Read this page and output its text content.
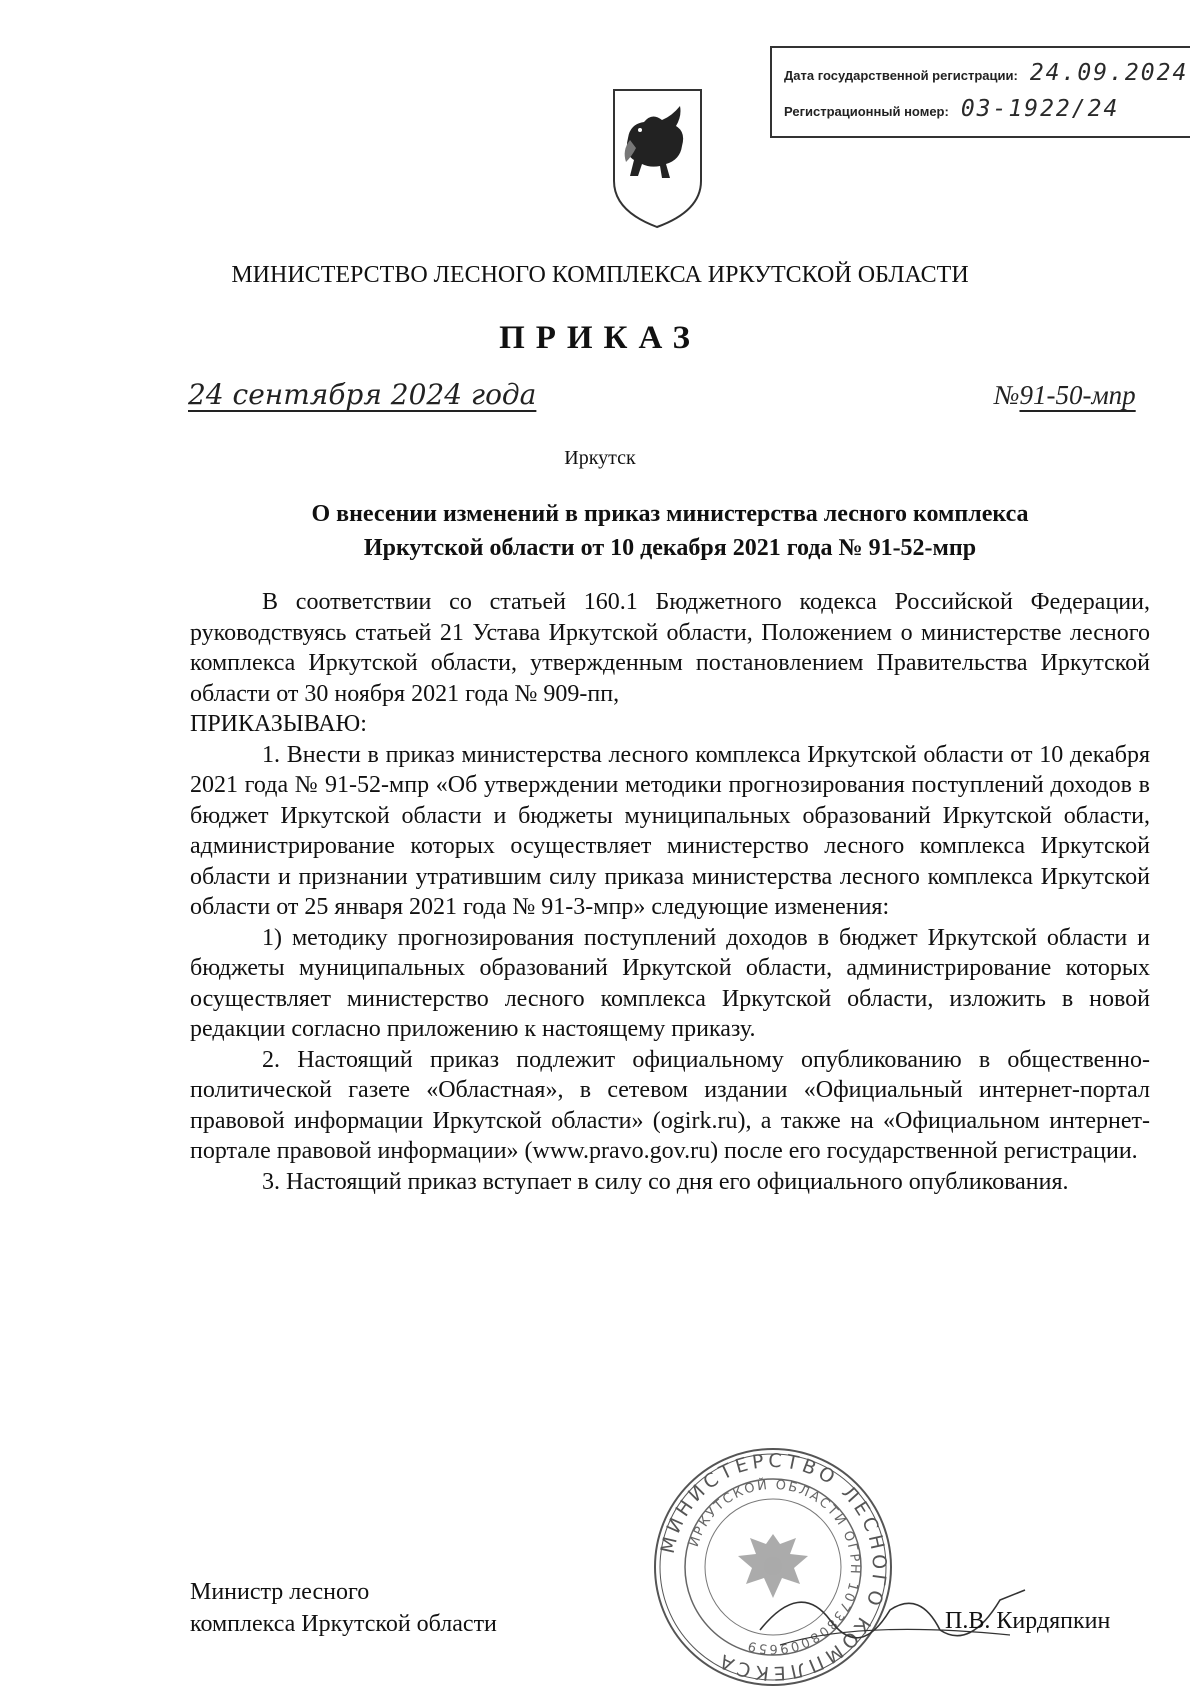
Дата государственной регистрации: 24.09.2024
Регистрационный номер: 03-1922/24
МИНИСТЕРСТВО ЛЕСНОГО КОМПЛЕКСА ИРКУТСКОЙ ОБЛАСТИ
ПРИКАЗ
24 сентября 2024 года	№91-50-мпр
Иркутск
О внесении изменений в приказ министерства лесного комплекса
Иркутской области от 10 декабря 2021 года № 91-52-мпр

В соответствии со статьей 160.1 Бюджетного кодекса Российской Федерации, руководствуясь статьей 21 Устава Иркутской области, Положением о министерстве лесного комплекса Иркутской области, утвержденным постановлением Правительства Иркутской области от 30 ноября 2021 года № 909-пп,

ПРИКАЗЫВАЮ:

1. Внести в приказ министерства лесного комплекса Иркутской области от 10 декабря 2021 года № 91-52-мпр «Об утверждении методики прогнозирования поступлений доходов в бюджет Иркутской области и бюджеты муниципальных образований Иркутской области, администрирование которых осуществляет министерство лесного комплекса Иркутской области и признании утратившим силу приказа министерства лесного комплекса Иркутской области от 25 января 2021 года № 91-3-мпр» следующие изменения:

1) методику прогнозирования поступлений доходов в бюджет Иркутской области и бюджеты муниципальных образований Иркутской области, администрирование которых осуществляет министерство лесного комплекса Иркутской области, изложить в новой редакции согласно приложению к настоящему приказу.

2. Настоящий приказ подлежит официальному опубликованию в общественно-политической газете «Областная», в сетевом издании «Официальный интернет-портал правовой информации Иркутской области» (ogirk.ru), а также на «Официальном интернет-портале правовой информации» (www.pravo.gov.ru) после его государственной регистрации.

3. Настоящий приказ вступает в силу со дня его официального опубликования.

МИНИСТЕРСТВО ЛЕСНОГО КОМПЛЕКСА
ИРКУТСКОЙ ОБЛАСТИ ОГРН 1073808009659
Министр лесного
комплекса Иркутской области	П.В. Кирдяпкин
